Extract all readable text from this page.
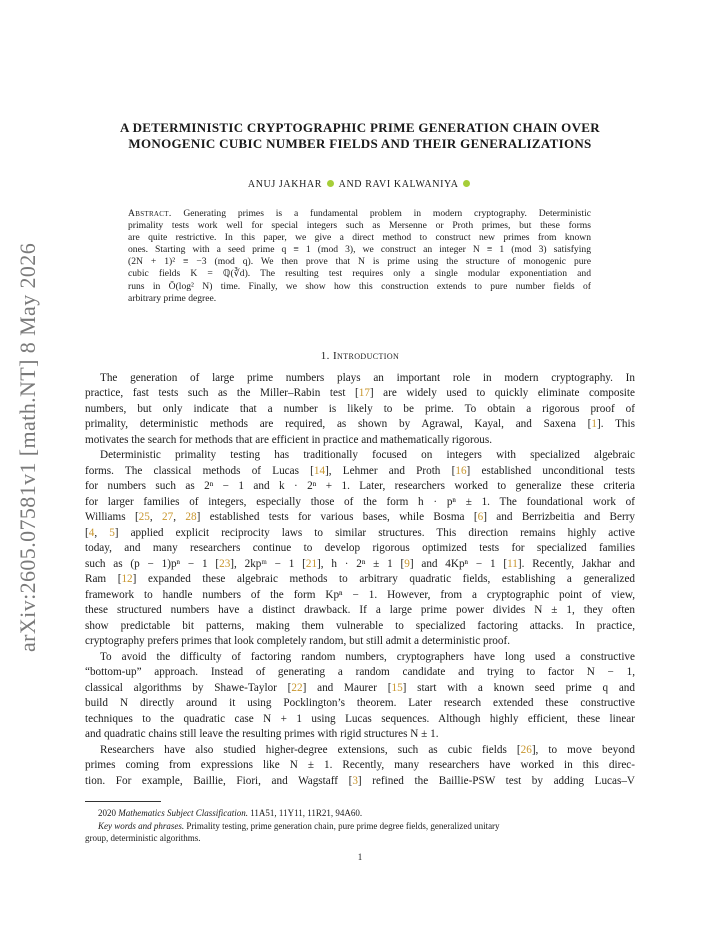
arXiv:2605.07581v1 [math.NT] 8 May 2026
A DETERMINISTIC CRYPTOGRAPHIC PRIME GENERATION CHAIN OVER
MONOGENIC CUBIC NUMBER FIELDS AND THEIR GENERALIZATIONS
ANUJ JAKHAR AND RAVI KALWANIYA
Abstract. Generating primes is a fundamental problem in modern cryptography. Deterministic
primality tests work well for special integers such as Mersenne or Proth primes, but these forms
are quite restrictive. In this paper, we give a direct method to construct new primes from known
ones. Starting with a seed prime q ≡ 1 (mod 3), we construct an integer N ≡ 1 (mod 3) satisfying
(2N + 1)² ≡ −3 (mod q). We then prove that N is prime using the structure of monogenic pure
cubic fields K = ℚ(∛d). The resulting test requires only a single modular exponentiation and
runs in Õ(log² N) time. Finally, we show how this construction extends to pure number fields of
arbitrary prime degree.
1. Introduction
The generation of large prime numbers plays an important role in modern cryptography. In
practice, fast tests such as the Miller–Rabin test [17] are widely used to quickly eliminate composite
numbers, but only indicate that a number is likely to be prime. To obtain a rigorous proof of
primality, deterministic methods are required, as shown by Agrawal, Kayal, and Saxena [1]. This
motivates the search for methods that are efficient in practice and mathematically rigorous.
Deterministic primality testing has traditionally focused on integers with specialized algebraic
forms. The classical methods of Lucas [14], Lehmer and Proth [16] established unconditional tests
for numbers such as 2ⁿ − 1 and k · 2ⁿ + 1. Later, researchers worked to generalize these criteria
for larger families of integers, especially those of the form h · pⁿ ± 1. The foundational work of
Williams [25, 27, 28] established tests for various bases, while Bosma [6] and Berrizbeitia and Berry
[4, 5] applied explicit reciprocity laws to similar structures. This direction remains highly active
today, and many researchers continue to develop rigorous optimized tests for specialized families
such as (p − 1)pⁿ − 1 [23], 2kpᵐ − 1 [21], h · 2ⁿ ± 1 [9] and 4Kpⁿ − 1 [11]. Recently, Jakhar and
Ram [12] expanded these algebraic methods to arbitrary quadratic fields, establishing a generalized
framework to handle numbers of the form Kpⁿ − 1. However, from a cryptographic point of view,
these structured numbers have a distinct drawback. If a large prime power divides N ± 1, they often
show predictable bit patterns, making them vulnerable to specialized factoring attacks. In practice,
cryptography prefers primes that look completely random, but still admit a deterministic proof.
To avoid the difficulty of factoring random numbers, cryptographers have long used a constructive
“bottom-up” approach. Instead of generating a random candidate and trying to factor N − 1,
classical algorithms by Shawe-Taylor [22] and Maurer [15] start with a known seed prime q and
build N directly around it using Pocklington’s theorem. Later research extended these constructive
techniques to the quadratic case N + 1 using Lucas sequences. Although highly efficient, these linear
and quadratic chains still leave the resulting primes with rigid structures N ± 1.
Researchers have also studied higher-degree extensions, such as cubic fields [26], to move beyond
primes coming from expressions like N ± 1. Recently, many researchers have worked in this direc-
tion. For example, Baillie, Fiori, and Wagstaff [3] refined the Baillie-PSW test by adding Lucas–V
2020 Mathematics Subject Classification. 11A51, 11Y11, 11R21, 94A60.
Key words and phrases. Primality testing, prime generation chain, pure prime degree fields, generalized unitary
group, deterministic algorithms.
1
